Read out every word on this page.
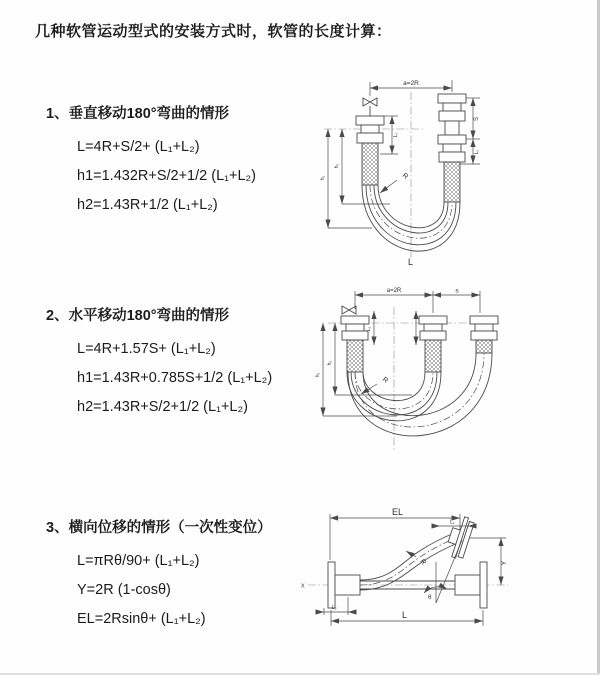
几种软管运动型式的安装方式时，软管的长度计算：
1、垂直移动180°弯曲的情形

L=4R+S/2+ (L₁+L₂)

h1=1.432R+S/2+1/2 (L₁+L₂)

h2=1.43R+1/2 (L₁+L₂)

2、水平移动180°弯曲的情形

L=4R+1.57S+ (L₁+L₂)

h1=1.43R+0.785S+1/2 (L₁+L₂)

h2=1.43R+S/2+1/2 (L₁+L₂)

3、横向位移的情形（一次性变位）

L=πRθ/90+ (L₁+L₂)

Y=2R (1-cosθ)

EL=2Rsinθ+ (L₁+L₂)

a=2R
L₁
S
L₁
h₁
h₂
R
L
a=2R	s
L₁
h₁
h₂
R
X
θ
EL
L₁
Y
L₂
L
R
